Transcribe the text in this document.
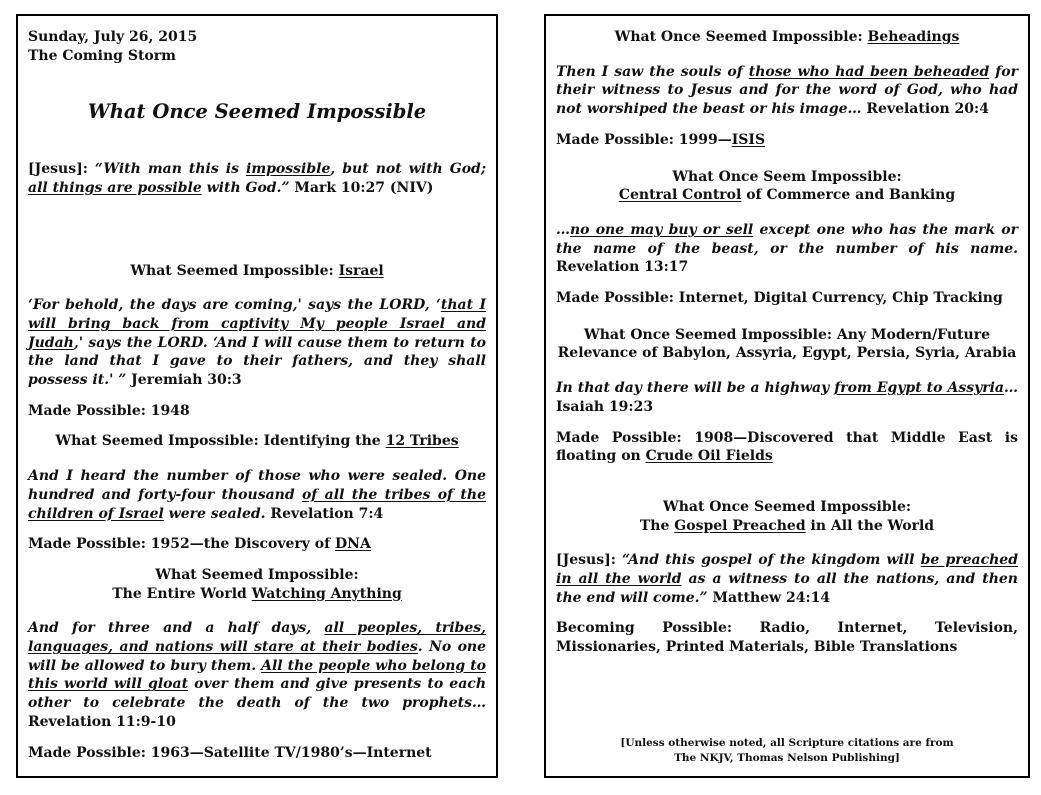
Sunday, July 26, 2015

The Coming Storm

What Once Seemed Impossible

[Jesus]: “With man this is impossible, but not with God; all things are possible with God.” Mark 10:27 (NIV)

What Seemed Impossible: Israel

‘For behold, the days are coming,' says the LORD, ‘that I will bring back from captivity My people Israel and Judah,' says the LORD. ‘And I will cause them to return to the land that I gave to their fathers, and they shall possess it.' ” Jeremiah 30:3

Made Possible: 1948

What Seemed Impossible: Identifying the 12 Tribes

And I heard the number of those who were sealed. One hundred and forty-four thousand of all the tribes of the children of Israel were sealed. Revelation 7:4

Made Possible: 1952—the Discovery of DNA

What Seemed Impossible:
The Entire World Watching Anything

And for three and a half days, all peoples, tribes, languages, and nations will stare at their bodies. No one will be allowed to bury them. All the people who belong to this world will gloat over them and give presents to each other to celebrate the death of the two prophets… Revelation 11:9-10

Made Possible: 1963—Satellite TV/1980’s—Internet

What Once Seemed Impossible: Beheadings

Then I saw the souls of those who had been beheaded for their witness to Jesus and for the word of God, who had not worshiped the beast or his image… Revelation 20:4

Made Possible: 1999—ISIS

What Once Seem Impossible:
Central Control of Commerce and Banking

…no one may buy or sell except one who has the mark or the name of the beast, or the number of his name. Revelation 13:17

Made Possible: Internet, Digital Currency, Chip Tracking

What Once Seemed Impossible: Any Modern/Future
Relevance of Babylon, Assyria, Egypt, Persia, Syria, Arabia

In that day there will be a highway from Egypt to Assyria… Isaiah 19:23

Made Possible: 1908—Discovered that Middle East is floating on Crude Oil Fields

What Once Seemed Impossible:
The Gospel Preached in All the World

[Jesus]: “And this gospel of the kingdom will be preached in all the world as a witness to all the nations, and then the end will come.” Matthew 24:14

Becoming Possible: Radio, Internet, Television, Missionaries, Printed Materials, Bible Translations

[Unless otherwise noted, all Scripture citations are from
The NKJV, Thomas Nelson Publishing]
